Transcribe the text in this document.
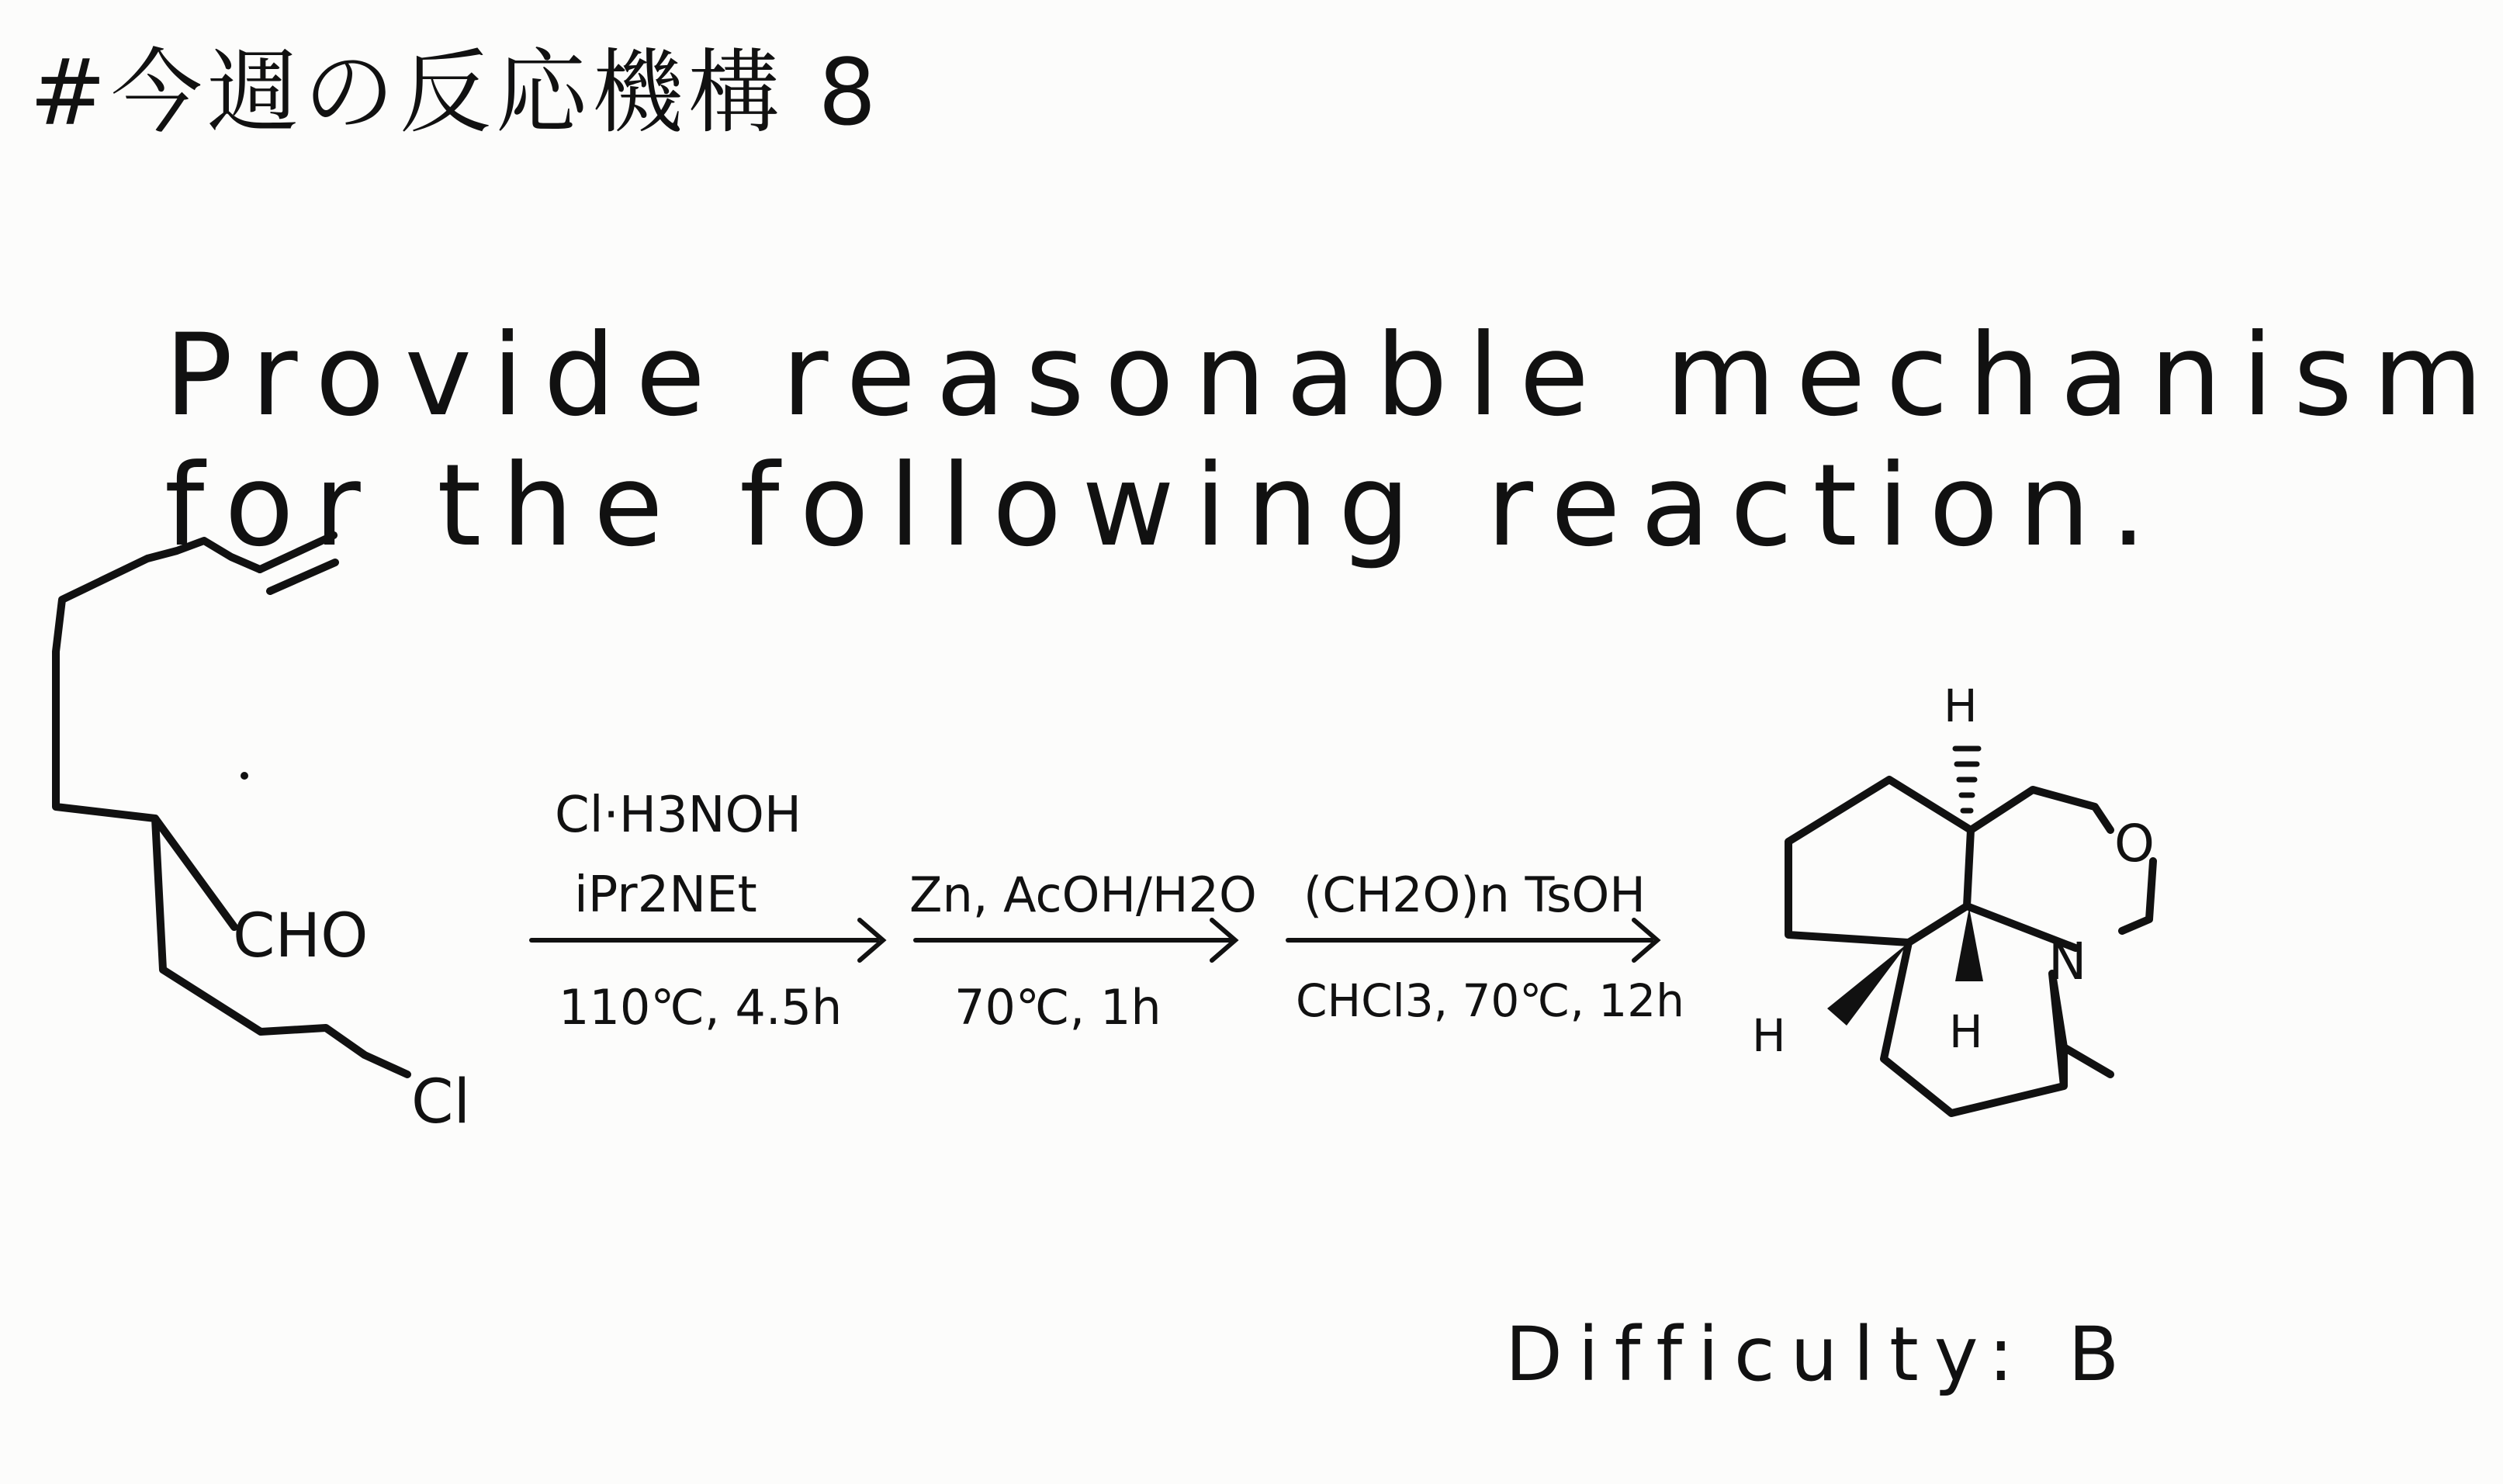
#今週の反応機構 8
Provide reasonable mechanism
for the following reaction.
CHO
Cl
Cl·H3NOH
iPr2NEt
110℃, 4.5h
Zn, AcOH/H2O
70℃, 1h
(CH2O)n TsOH
CHCl3, 70℃, 12h
H
O
N
H	H
Difficulty: B
